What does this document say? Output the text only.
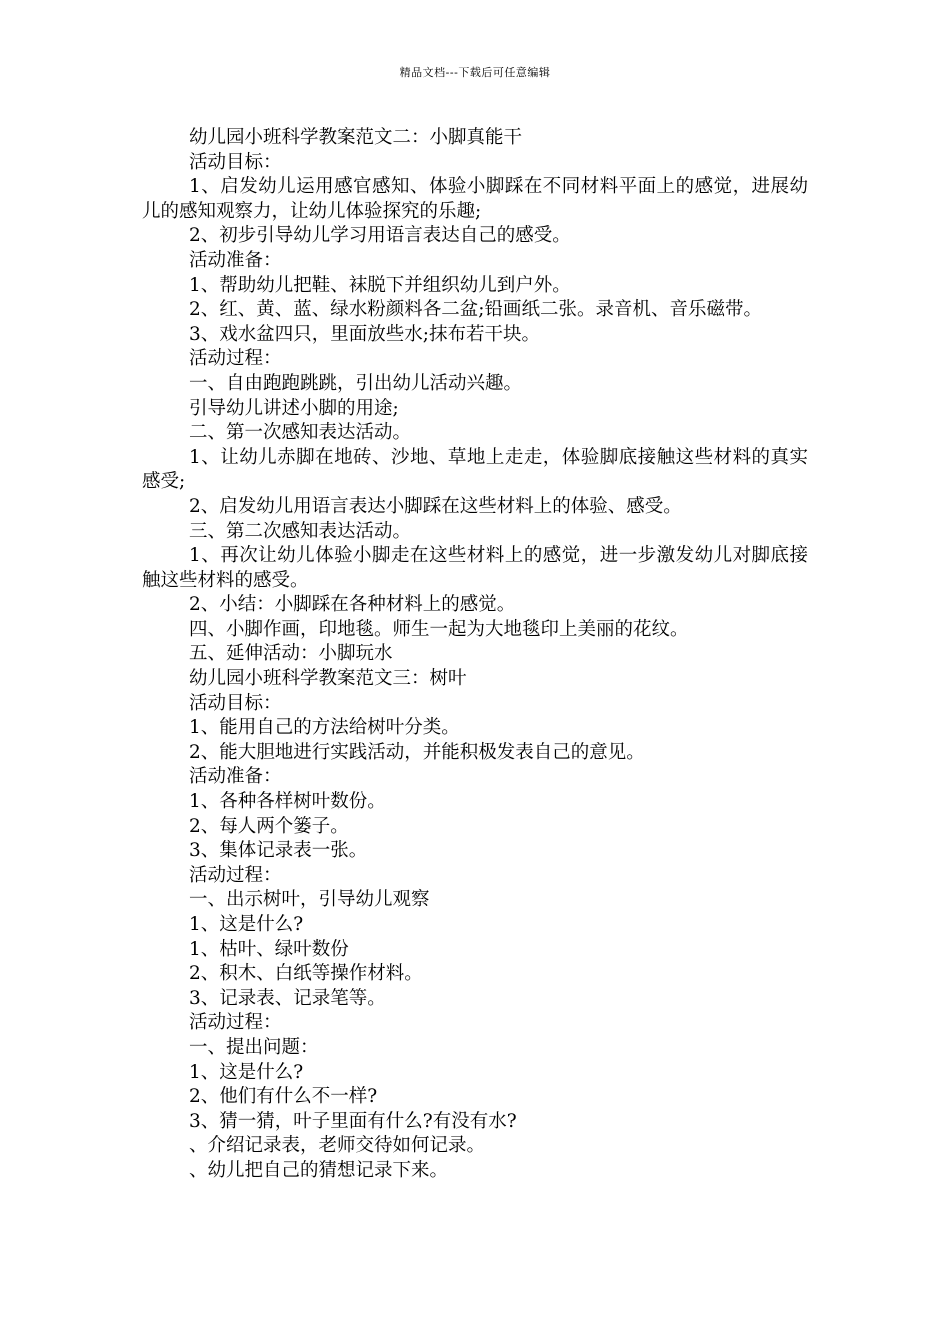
精品文档---下载后可任意编辑

幼儿园小班科学教案范文二：小脚真能干

活动目标：

1、启发幼儿运用感官感知、体验小脚踩在不同材料平面上的感觉，进展幼儿的感知观察力，让幼儿体验探究的乐趣;

2、初步引导幼儿学习用语言表达自己的感受。

活动准备：

1、帮助幼儿把鞋、袜脱下并组织幼儿到户外。

2、红、黄、蓝、绿水粉颜料各二盆;铅画纸二张。录音机、音乐磁带。

3、戏水盆四只，里面放些水;抹布若干块。

活动过程：

一、自由跑跑跳跳，引出幼儿活动兴趣。

引导幼儿讲述小脚的用途;

二、第一次感知表达活动。

1、让幼儿赤脚在地砖、沙地、草地上走走，体验脚底接触这些材料的真实感受;

2、启发幼儿用语言表达小脚踩在这些材料上的体验、感受。

三、第二次感知表达活动。

1、再次让幼儿体验小脚走在这些材料上的感觉，进一步激发幼儿对脚底接触这些材料的感受。

2、小结：小脚踩在各种材料上的感觉。

四、小脚作画，印地毯。师生一起为大地毯印上美丽的花纹。

五、延伸活动：小脚玩水

幼儿园小班科学教案范文三：树叶

活动目标：

1、能用自己的方法给树叶分类。

2、能大胆地进行实践活动，并能积极发表自己的意见。

活动准备：

1、各种各样树叶数份。

2、每人两个篓子。

3、集体记录表一张。

活动过程：

一、出示树叶，引导幼儿观察

1、这是什么?

1、枯叶、绿叶数份

2、积木、白纸等操作材料。

3、记录表、记录笔等。

活动过程：

一、提出问题：

1、这是什么?

2、他们有什么不一样?

3、猜一猜，叶子里面有什么?有没有水?

、介绍记录表，老师交待如何记录。

、幼儿把自己的猜想记录下来。
